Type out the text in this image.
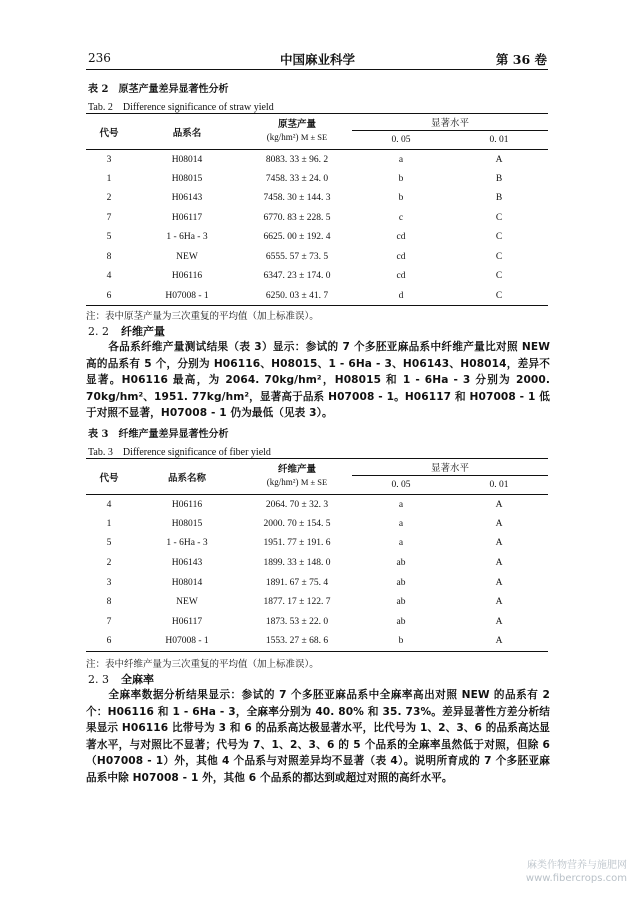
236	中国麻业科学	第 36 卷
表 2　原茎产量差异显著性分析
Tab. 2　Difference significance of straw yield
代号	品系名	原茎产量
(kg/hm²) M ± SE	显著水平	
			0. 05	0. 01
3	H08014	8083. 33 ± 96. 2	a	A
1	H08015	7458. 33 ± 24. 0	b	B
2	H06143	7458. 30 ± 144. 3	b	B
7	H06117	6770. 83 ± 228. 5	c	C
5	1 - 6Ha - 3	6625. 00 ± 192. 4	cd	C
8	NEW	6555. 57 ± 73. 5	cd	C
4	H06116	6347. 23 ± 174. 0	cd	C
6	H07008 - 1	6250. 03 ± 41. 7	d	C
注：表中原茎产量为三次重复的平均值（加上标准误）。
2. 2 纤维产量
各品系纤维产量测试结果（表 3）显示：参试的 7 个多胚亚麻品系中纤维产量比对照 NEW 高的品系有 5 个，分别为 H06116、H08015、1 - 6Ha - 3、H06143、H08014，差异不显著。H06116 最高，为 2064. 70kg/hm²，H08015 和 1 - 6Ha - 3 分别为 2000. 70kg/hm²、1951. 77kg/hm²，显著高于品系 H07008 - 1。H06117 和 H07008 - 1 低于对照不显著，H07008 - 1 仍为最低（见表 3）。
表 3　纤维产量差异显著性分析
Tab. 3　Difference significance of fiber yield
代号	品系名称	纤维产量
(kg/hm²) M ± SE	显著水平	
			0. 05	0. 01
4	H06116	2064. 70 ± 32. 3	a	A
1	H08015	2000. 70 ± 154. 5	a	A
5	1 - 6Ha - 3	1951. 77 ± 191. 6	a	A
2	H06143	1899. 33 ± 148. 0	ab	A
3	H08014	1891. 67 ± 75. 4	ab	A
8	NEW	1877. 17 ± 122. 7	ab	A
7	H06117	1873. 53 ± 22. 0	ab	A
6	H07008 - 1	1553. 27 ± 68. 6	b	A
注：表中纤维产量为三次重复的平均值（加上标准误）。
2. 3 全麻率
全麻率数据分析结果显示：参试的 7 个多胚亚麻品系中全麻率高出对照 NEW 的品系有 2 个：H06116 和 1 - 6Ha - 3，全麻率分别为 40. 80% 和 35. 73%。差异显著性方差分析结果显示 H06116 比带号为 3 和 6 的品系高达极显著水平，比代号为 1、2、3、6 的品系高达显著水平，与对照比不显著；代号为 7、1、2、3、6 的 5 个品系的全麻率虽然低于对照，但除 6（H07008 - 1）外，其他 4 个品系与对照差异均不显著（表 4）。说明所育成的 7 个多胚亚麻品系中除 H07008 - 1 外，其他 6 个品系的都达到或超过对照的高纤水平。
麻类作物营养与施肥网
www.fibercrops.com
